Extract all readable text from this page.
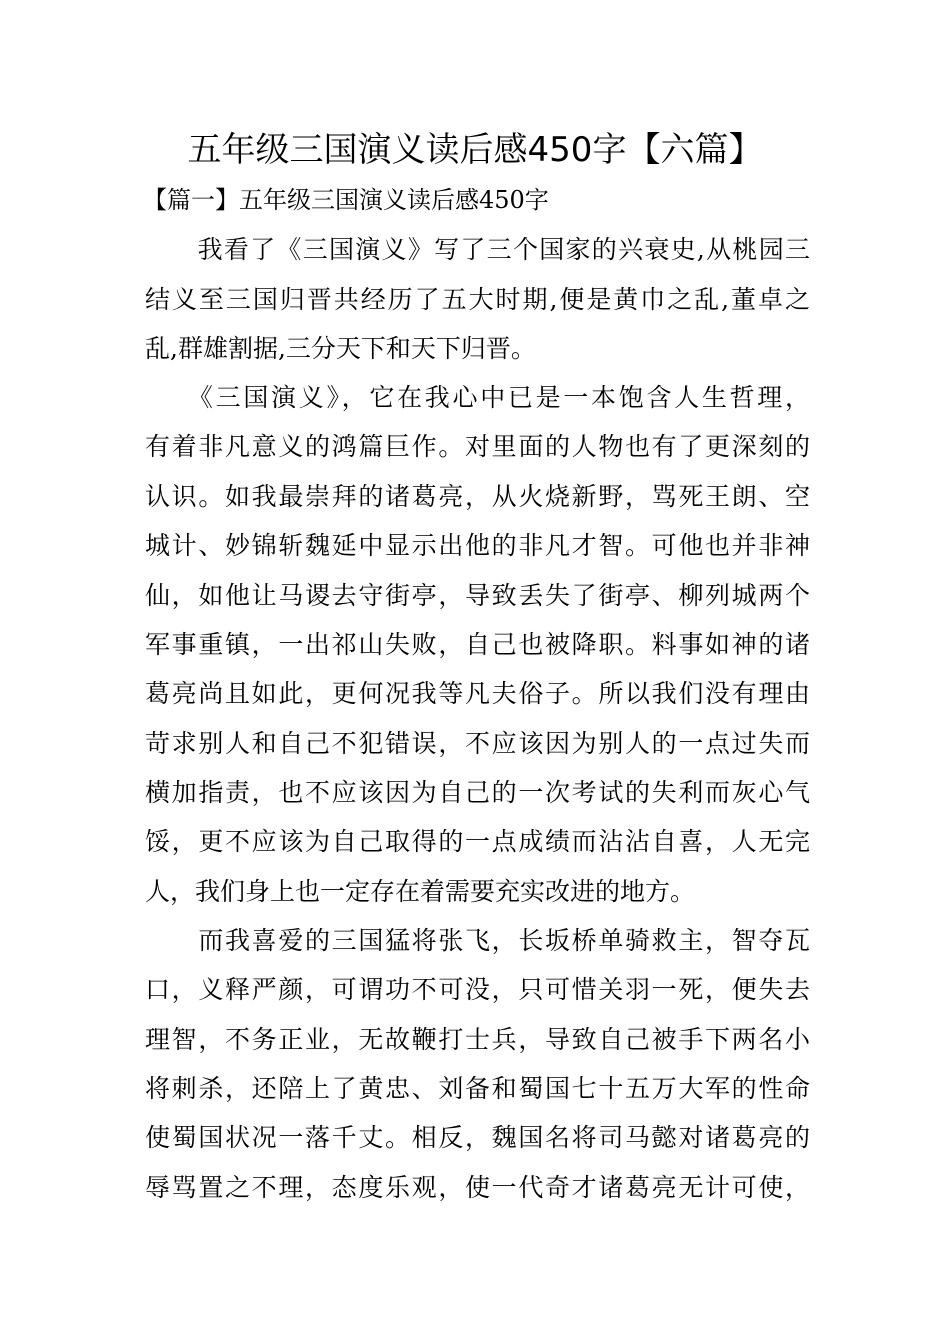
五年级三国演义读后感450字【六篇】
【篇一】五年级三国演义读后感450字
　　我看了《三国演义》写了三个国家的兴衰史,从桃园三
结义至三国归晋共经历了五大时期,便是黄巾之乱,董卓之
乱,群雄割据,三分天下和天下归晋。
　　《三国演义》，它在我心中已是一本饱含人生哲理，
有着非凡意义的鸿篇巨作。对里面的人物也有了更深刻的
认识。如我最崇拜的诸葛亮，从火烧新野，骂死王朗、空
城计、妙锦斩魏延中显示出他的非凡才智。可他也并非神
仙，如他让马谡去守街亭，导致丢失了街亭、柳列城两个
军事重镇，一出祁山失败，自己也被降职。料事如神的诸
葛亮尚且如此，更何况我等凡夫俗子。所以我们没有理由
苛求别人和自己不犯错误，不应该因为别人的一点过失而
横加指责，也不应该因为自己的一次考试的失利而灰心气
馁，更不应该为自己取得的一点成绩而沾沾自喜，人无完
人，我们身上也一定存在着需要充实改进的地方。
　　而我喜爱的三国猛将张飞，长坂桥单骑救主，智夺瓦
口，义释严颜，可谓功不可没，只可惜关羽一死，便失去
理智，不务正业，无故鞭打士兵，导致自己被手下两名小
将刺杀，还陪上了黄忠、刘备和蜀国七十五万大军的性命
使蜀国状况一落千丈。相反，魏国名将司马懿对诸葛亮的
辱骂置之不理，态度乐观，使一代奇才诸葛亮无计可使，
